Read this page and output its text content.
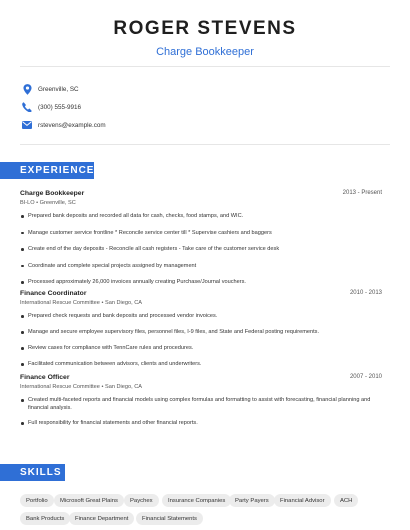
ROGER STEVENS
Charge Bookkeeper
Greenville, SC
(300) 555-9916
rstevens@example.com
EXPERIENCE
Charge Bookkeeper	2013 - Present
BI-LO • Greenville, SC
Prepared bank deposits and recorded all data for cash, checks, food stamps, and WIC.
Manage customer service frontline * Reconcile service center till * Supervise cashiers and baggers
Create end of the day deposits - Reconcile all cash registers - Take care of the customer service desk
Coordinate and complete special projects assigned by management
Processed approximately 26,000 invoices annually creating Purchase/Journal vouchers.
Finance Coordinator	2010 - 2013
International Rescue Committee • San Diego, CA
Prepared check requests and bank deposits and processed vendor invoices.
Manage and secure employee supervisory files, personnel files, I-9 files, and State and Federal posting requirements.
Review cases for compliance with TennCare rules and procedures.
Facilitated communication between advisors, clients and underwriters.
Finance Officer	2007 - 2010
International Rescue Committee • San Diego, CA
Created multi-faceted reports and financial models using complex formulas and formatting to assist with forecasting, financial planning and financial analysis.
Full responsibility for financial statements and other financial reports.
SKILLS
Portfolio	Microsoft Great Plains	Paychex	Insurance Companies	Party Payers	Financial Advisor	ACH
Bank Products	Finance Department	Financial Statements
